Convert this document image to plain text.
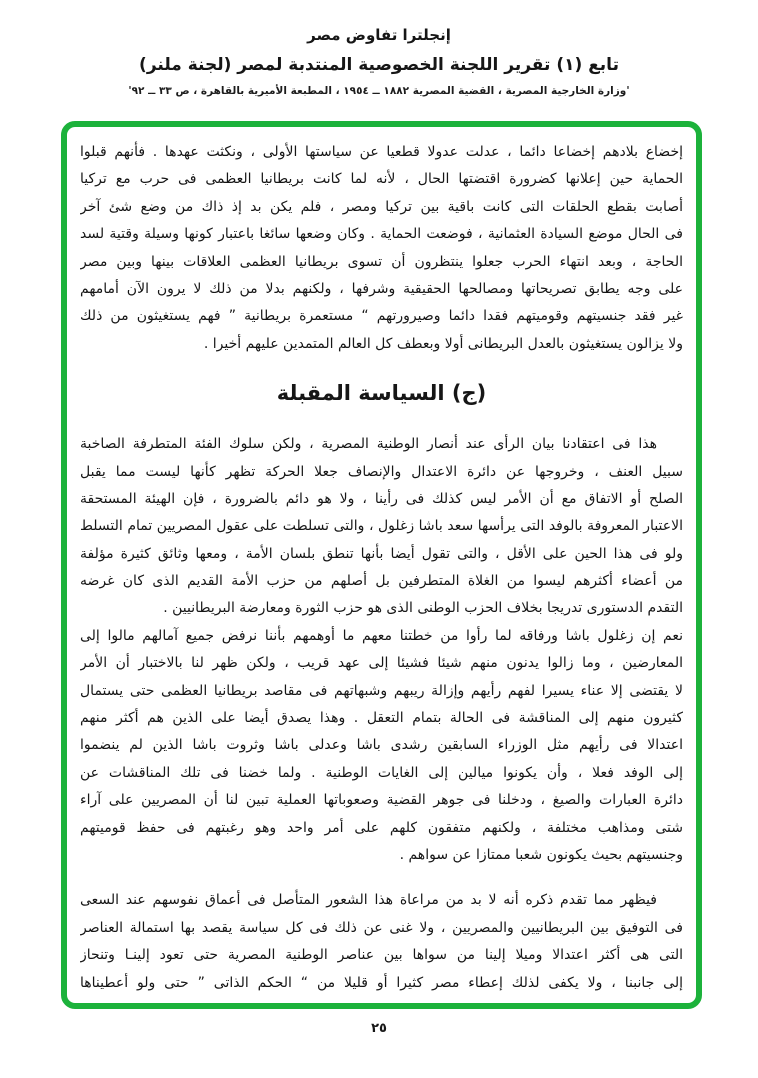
إنجلترا تفاوض مصر
تابع (١) تقرير اللجنة الخصوصية المنتدبة لمصر (لجنة ملنر)
'وزارة الخارجية المصرية ، القضية المصرية ١٨٨٢ ــ ١٩٥٤ ، المطبعة الأميرية بالقاهرة ، ص ٣٣ ــ ٩٢'
إخضاع بلادهم إخضاعا دائما ، عدلت عدولا قطعيا عن سياستها الأولى ، ونكثت عهدها . فأنهم قبلوا
الحماية حين إعلانها كضرورة اقتضتها الحال ، لأنه لما كانت بريطانيا العظمى فى حرب مع تركيا
أصابت بقطع الحلقات التى كانت باقية بين تركيا ومصر ، فلم يكن بد إذ ذاك من وضع شئ آخر
فى الحال موضع السيادة العثمانية ، فوضعت الحماية . وكان وضعها سائغا باعتبار كونها وسيلة وقتية لسد
الحاجة ، وبعد انتهاء الحرب جعلوا ينتظرون أن تسوى بريطانيا العظمى العلاقات بينها وبين مصر
على وجه يطابق تصريحاتها ومصالحها الحقيقية وشرفها ، ولكنهم بدلا من ذلك لا يرون الآن أمامهم
غير فقد جنسيتهم وقوميتهم فقدا دائما وصيرورتهم “ مستعمرة بريطانية ” فهم يستغيثون من ذلك
ولا يزالون يستغيثون بالعدل البريطانى أولا وبعطف كل العالم المتمدين عليهم أخيرا .
(ج) السياسة المقبلة
هذا فى اعتقادنا بيان الرأى عند أنصار الوطنية المصرية ، ولكن سلوك الفئة المتطرفة الصاخبة
سبيل العنف ، وخروجها عن دائرة الاعتدال والإنصاف جعلا الحركة تظهر كأنها ليست مما يقبل
الصلح أو الاتفاق مع أن الأمر ليس كذلك فى رأينا ، ولا هو دائم بالضرورة ، فإن الهيئة المستحقة
الاعتبار المعروفة بالوفد التى يرأسها سعد باشا زغلول ، والتى تسلطت على عقول المصريين تمام التسلط
ولو فى هذا الحين على الأقل ، والتى تقول أيضا بأنها تنطق بلسان الأمة ، ومعها وثائق كثيرة مؤلفة
من أعضاء أكثرهم ليسوا من الغلاة المتطرفين بل أصلهم من حزب الأمة القديم الذى كان غرضه
التقدم الدستورى تدريجا بخلاف الحزب الوطنى الذى هو حزب الثورة ومعارضة البريطانيين .
نعم إن زغلول باشا ورفاقه لما رأوا من خطتنا معهم ما أوهمهم بأننا نرفض جميع آمالهم مالوا إلى
المعارضين ، وما زالوا يدنون منهم شيئا فشيئا إلى عهد قريب ، ولكن ظهر لنا بالاختبار أن الأمر
لا يقتضى إلا عناء يسيرا لفهم رأيهم وإزالة ريبهم وشبهاتهم فى مقاصد بريطانيا العظمى حتى يستمال
كثيرون منهم إلى المناقشة فى الحالة بتمام التعقل . وهذا يصدق أيضا على الذين هم أكثر منهم
اعتدالا فى رأيهم مثل الوزراء السابقين رشدى باشا وعدلى باشا وثروت باشا الذين لم ينضموا
إلى الوفد فعلا ، وأن يكونوا ميالين إلى الغايات الوطنية . ولما خضنا فى تلك المناقشات عن
دائرة العبارات والصيغ ، ودخلنا فى جوهر القضية وصعوباتها العملية تبين لنا أن المصريين على آراء
شتى ومذاهب مختلفة ، ولكنهم متفقون كلهم على أمر واحد وهو رغبتهم فى حفظ قوميتهم
وجنسيتهم بحيث يكونون شعبا ممتازا عن سواهم .
فيظهر مما تقدم ذكره أنه لا بد من مراعاة هذا الشعور المتأصل فى أعماق نفوسهم عند السعى
فى التوفيق بين البريطانيين والمصريين ، ولا غنى عن ذلك فى كل سياسة يقصد بها استمالة العناصر
التى هى أكثر اعتدالا وميلا إلينا من سواها بين عناصر الوطنية المصرية حتى تعود إلينـا وتنحاز
إلى جانبنا ، ولا يكفى لذلك إعطاء مصر كثيرا أو قليلا من “ الحكم الذاتى ” حتى ولو أعطيناها
٢٥
